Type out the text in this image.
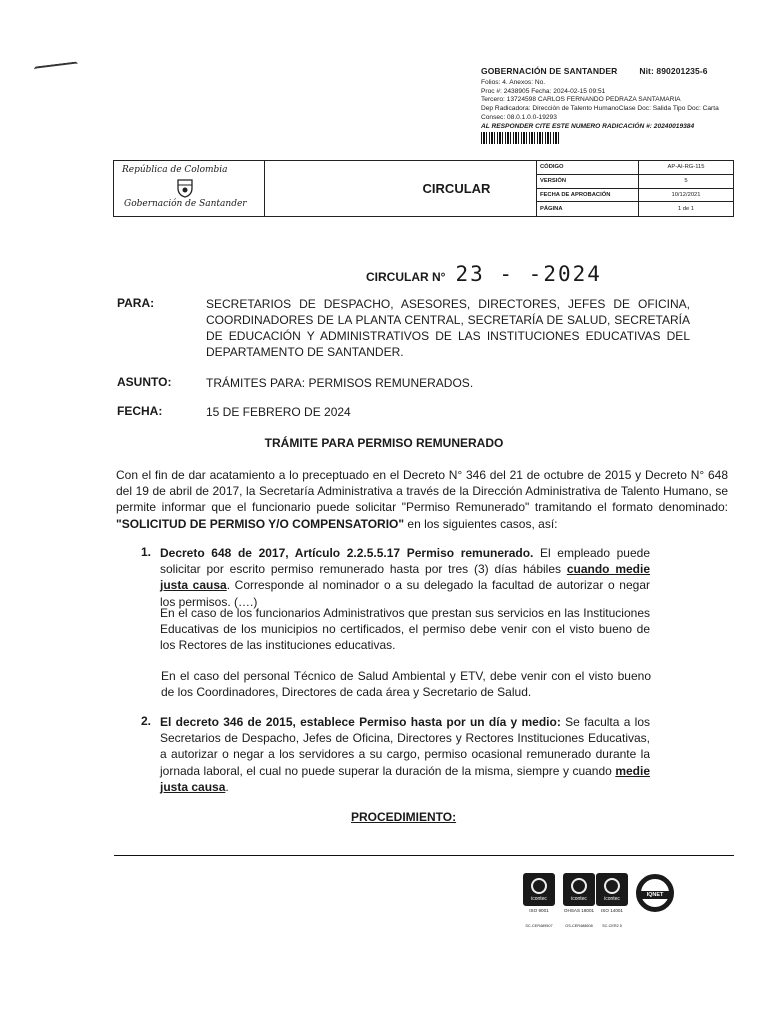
GOBERNACIÓN DE SANTANDER	Nit: 890201235-6
Folios: 4. Anexos: No.
Proc #: 2438905 Fecha: 2024-02-15 09:51
Tercero: 13724598 CARLOS FERNANDO PEDRAZA SANTAMARIA
Dep Radicadora: Dirección de Talento HumanoClase Doc: Salida Tipo Doc: Carta
Consec: 08.0.1.0.0-19293
AL RESPONDER CITE ESTE NUMERO RADICACIÓN #: 20240019384
República de Colombia
Gobernación de Santander
CIRCULAR
CÓDIGO	AP-AI-RG-115
VERSIÓN	5
FECHA DE APROBACIÓN	10/12/2021
PÁGINA	1 de 1
CIRCULAR N° 23 - -2024
PARA:	SECRETARIOS DE DESPACHO, ASESORES, DIRECTORES, JEFES DE OFICINA, COORDINADORES DE LA PLANTA CENTRAL, SECRETARÍA DE SALUD, SECRETARÍA DE EDUCACIÓN Y ADMINISTRATIVOS DE LAS INSTITUCIONES EDUCATIVAS DEL DEPARTAMENTO DE SANTANDER.
ASUNTO:	TRÁMITES PARA: PERMISOS REMUNERADOS.
FECHA:	15 DE FEBRERO DE 2024
TRÁMITE PARA PERMISO REMUNERADO
Con el fin de dar acatamiento a lo preceptuado en el Decreto N° 346 del 21 de octubre de 2015 y Decreto N° 648 del 19 de abril de 2017, la Secretaría Administrativa a través de la Dirección Administrativa de Talento Humano, se permite informar que el funcionario puede solicitar "Permiso Remunerado" tramitando el formato denominado: "SOLICITUD DE PERMISO Y/O COMPENSATORIO" en los siguientes casos, así:
1. Decreto 648 de 2017, Artículo 2.2.5.5.17 Permiso remunerado. El empleado puede solicitar por escrito permiso remunerado hasta por tres (3) días hábiles cuando medie justa causa. Corresponde al nominador o a su delegado la facultad de autorizar o negar los permisos. (….)
En el caso de los funcionarios Administrativos que prestan sus servicios en las Instituciones Educativas de los municipios no certificados, el permiso debe venir con el visto bueno de los Rectores de las instituciones educativas.
En el caso del personal Técnico de Salud Ambiental y ETV, debe venir con el visto bueno de los Coordinadores, Directores de cada área y Secretario de Salud.
2. El decreto 346 de 2015, establece Permiso hasta por un día y medio: Se faculta a los Secretarios de Despacho, Jefes de Oficina, Directores y Rectores Instituciones Educativas, a autorizar o negar a los servidores a su cargo, permiso ocasional remunerado durante la jornada laboral, el cual no puede superar la duración de la misma, siempre y cuando medie justa causa.
PROCEDIMIENTO:
icontec
ISO 9001
SC-CER489507
icontec
OHSAS 18001
OS-CER488608
icontec
ISO 14001
SC-CER2 5
IQNET
